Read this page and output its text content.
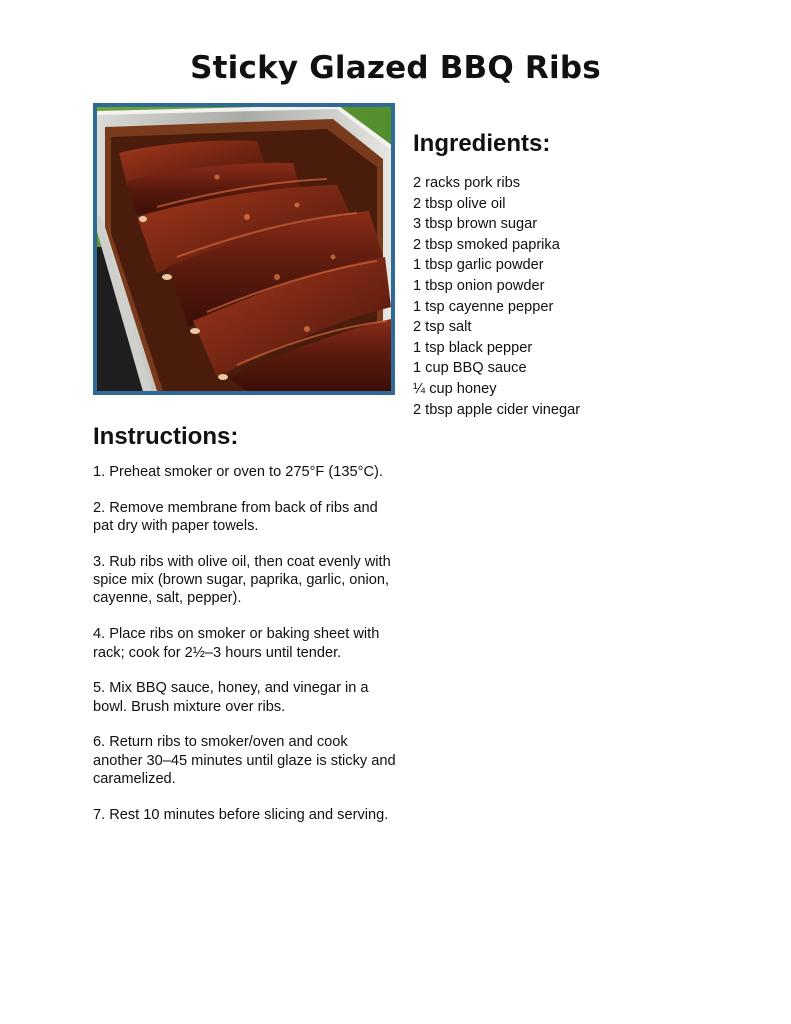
Sticky Glazed BBQ Ribs
Ingredients:
2 racks pork ribs
2 tbsp olive oil
3 tbsp brown sugar
2 tbsp smoked paprika
1 tbsp garlic powder
1 tbsp onion powder
1 tsp cayenne pepper
2 tsp salt
1 tsp black pepper
1 cup BBQ sauce
¼ cup honey
2 tbsp apple cider vinegar
Instructions:
1. Preheat smoker or oven to 275°F (135°C).
2. Remove membrane from back of ribs and pat dry with paper towels.
3. Rub ribs with olive oil, then coat evenly with spice mix (brown sugar, paprika, garlic, onion, cayenne, salt, pepper).
4. Place ribs on smoker or baking sheet with rack; cook for 2½–3 hours until tender.
5. Mix BBQ sauce, honey, and vinegar in a bowl. Brush mixture over ribs.
6. Return ribs to smoker/oven and cook another 30–45 minutes until glaze is sticky and caramelized.
7. Rest 10 minutes before slicing and serving.
